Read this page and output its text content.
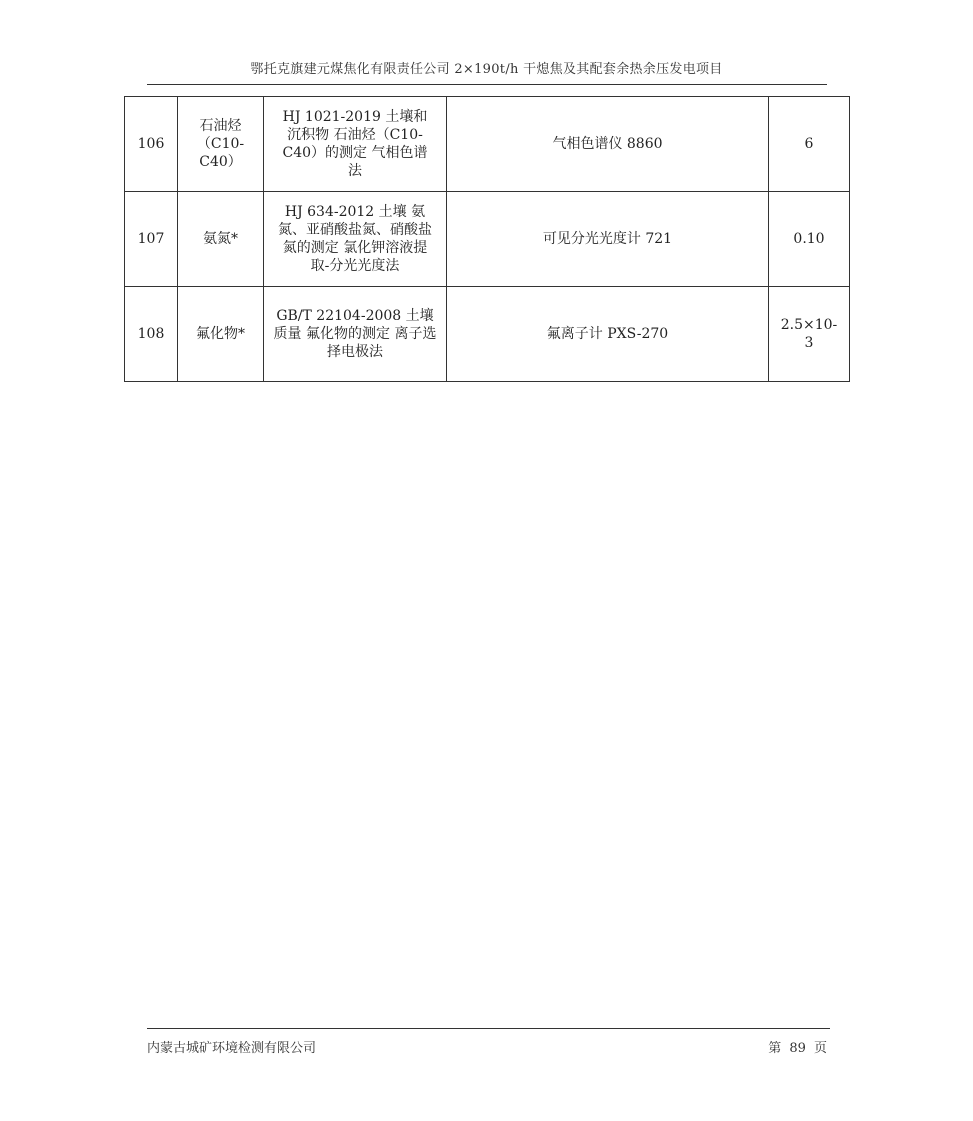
鄂托克旗建元煤焦化有限责任公司 2×190t/h 干熄焦及其配套余热余压发电项目
106	石油烃（C10-C40）	HJ 1021-2019 土壤和沉积物 石油烃（C10-C40）的测定 气相色谱法	气相色谱仪 8860	6
107	氨氮*	HJ 634-2012 土壤 氨氮、亚硝酸盐氮、硝酸盐氮的测定 氯化钾溶液提取-分光光度法	可见分光光度计 721	0.10
108	氟化物*	GB/T 22104-2008 土壤质量 氟化物的测定 离子选择电极法	氟离子计 PXS-270	2.5×10-3
内蒙古城矿环境检测有限公司	第 89 页
